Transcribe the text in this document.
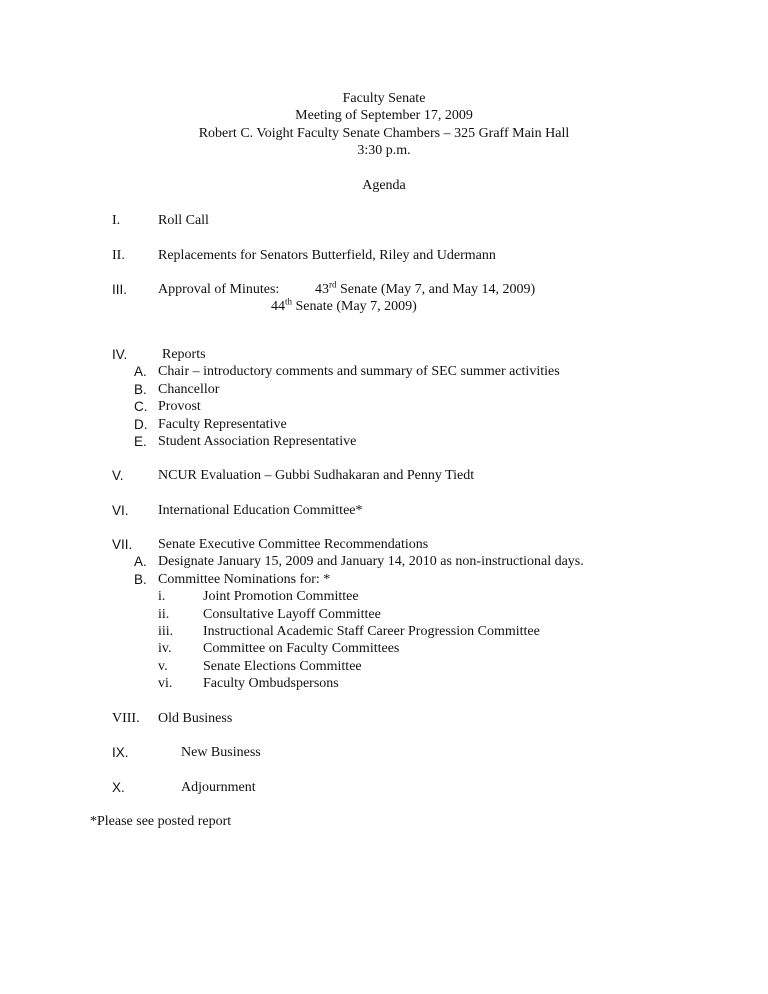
Faculty Senate
Meeting of September 17, 2009
Robert C. Voight Faculty Senate Chambers – 325 Graff Main Hall
3:30 p.m.
Agenda
I.	Roll Call
II. Replacements for Senators Butterfield, Riley and Udermann
III. Approval of Minutes:	43rd Senate (May 7, and May 14, 2009)
44th Senate (May 7, 2009)
IV. Reports
A. Chair – introductory comments and summary of SEC summer activities
B. Chancellor
C. Provost
D. Faculty Representative
E. Student Association Representative
V. NCUR Evaluation – Gubbi Sudhakaran and Penny Tiedt
VI. International Education Committee*
VII. Senate Executive Committee Recommendations
A. Designate January 15, 2009 and January 14, 2010 as non-instructional days.
B. Committee Nominations for: *
i.	Joint Promotion Committee
ii. Consultative Layoff Committee
iii. Instructional Academic Staff Career Progression Committee
iv. Committee on Faculty Committees
v.	Senate Elections Committee
vi. Faculty Ombudspersons
VIII. Old Business
IX.	New Business
X.	Adjournment
*Please see posted report
